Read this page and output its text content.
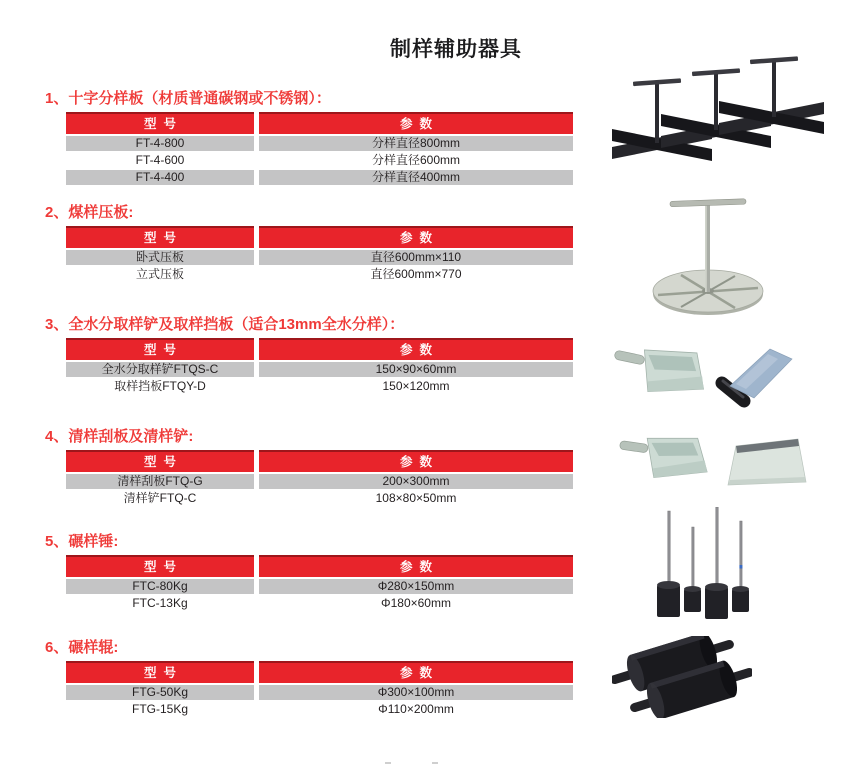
制样辅助器具
1、十字分样板（材质普通碳钢或不锈钢）：
型  号	参  数
FT-4-800	分样直径800mm
FT-4-600	分样直径600mm
FT-4-400	分样直径400mm
2、煤样压板:
型  号	参  数
卧式压板	直径600mm×110
立式压板	直径600mm×770
3、全水分取样铲及取样挡板（适合13mm全水分样）：
型  号	参  数
全水分取样铲FTQS-C	150×90×60mm
取样挡板FTQY-D	150×120mm
4、清样刮板及清样铲:
型  号	参  数
清样刮板FTQ-G	200×300mm
清样铲FTQ-C	108×80×50mm
5、碾样锤:
型  号	参  数
FTC-80Kg	Φ280×150mm
FTC-13Kg	Φ180×60mm
6、碾样辊:
型  号	参  数
FTG-50Kg	Φ300×100mm
FTG-15Kg	Φ110×200mm
